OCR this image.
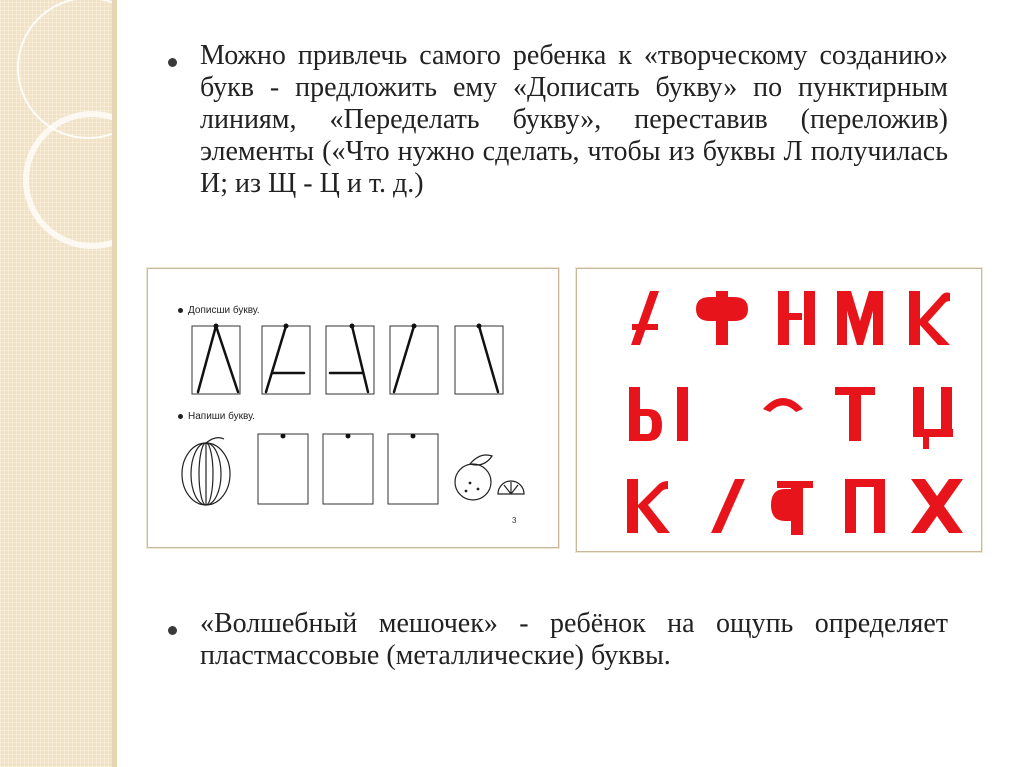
Можно привлечь самого ребенка к «творческому созданию» букв - предложить ему «Дописать букву» по пунктирным линиям, «Переделать букву», переставив (переложив) элементы («Что нужно сделать, чтобы из буквы Л получилась И; из Щ - Ц и т. д.)
Дописши букву.
Напиши букву.
3
«Волшебный мешочек» - ребёнок на ощупь определяет пластмассовые (металлические) буквы.
